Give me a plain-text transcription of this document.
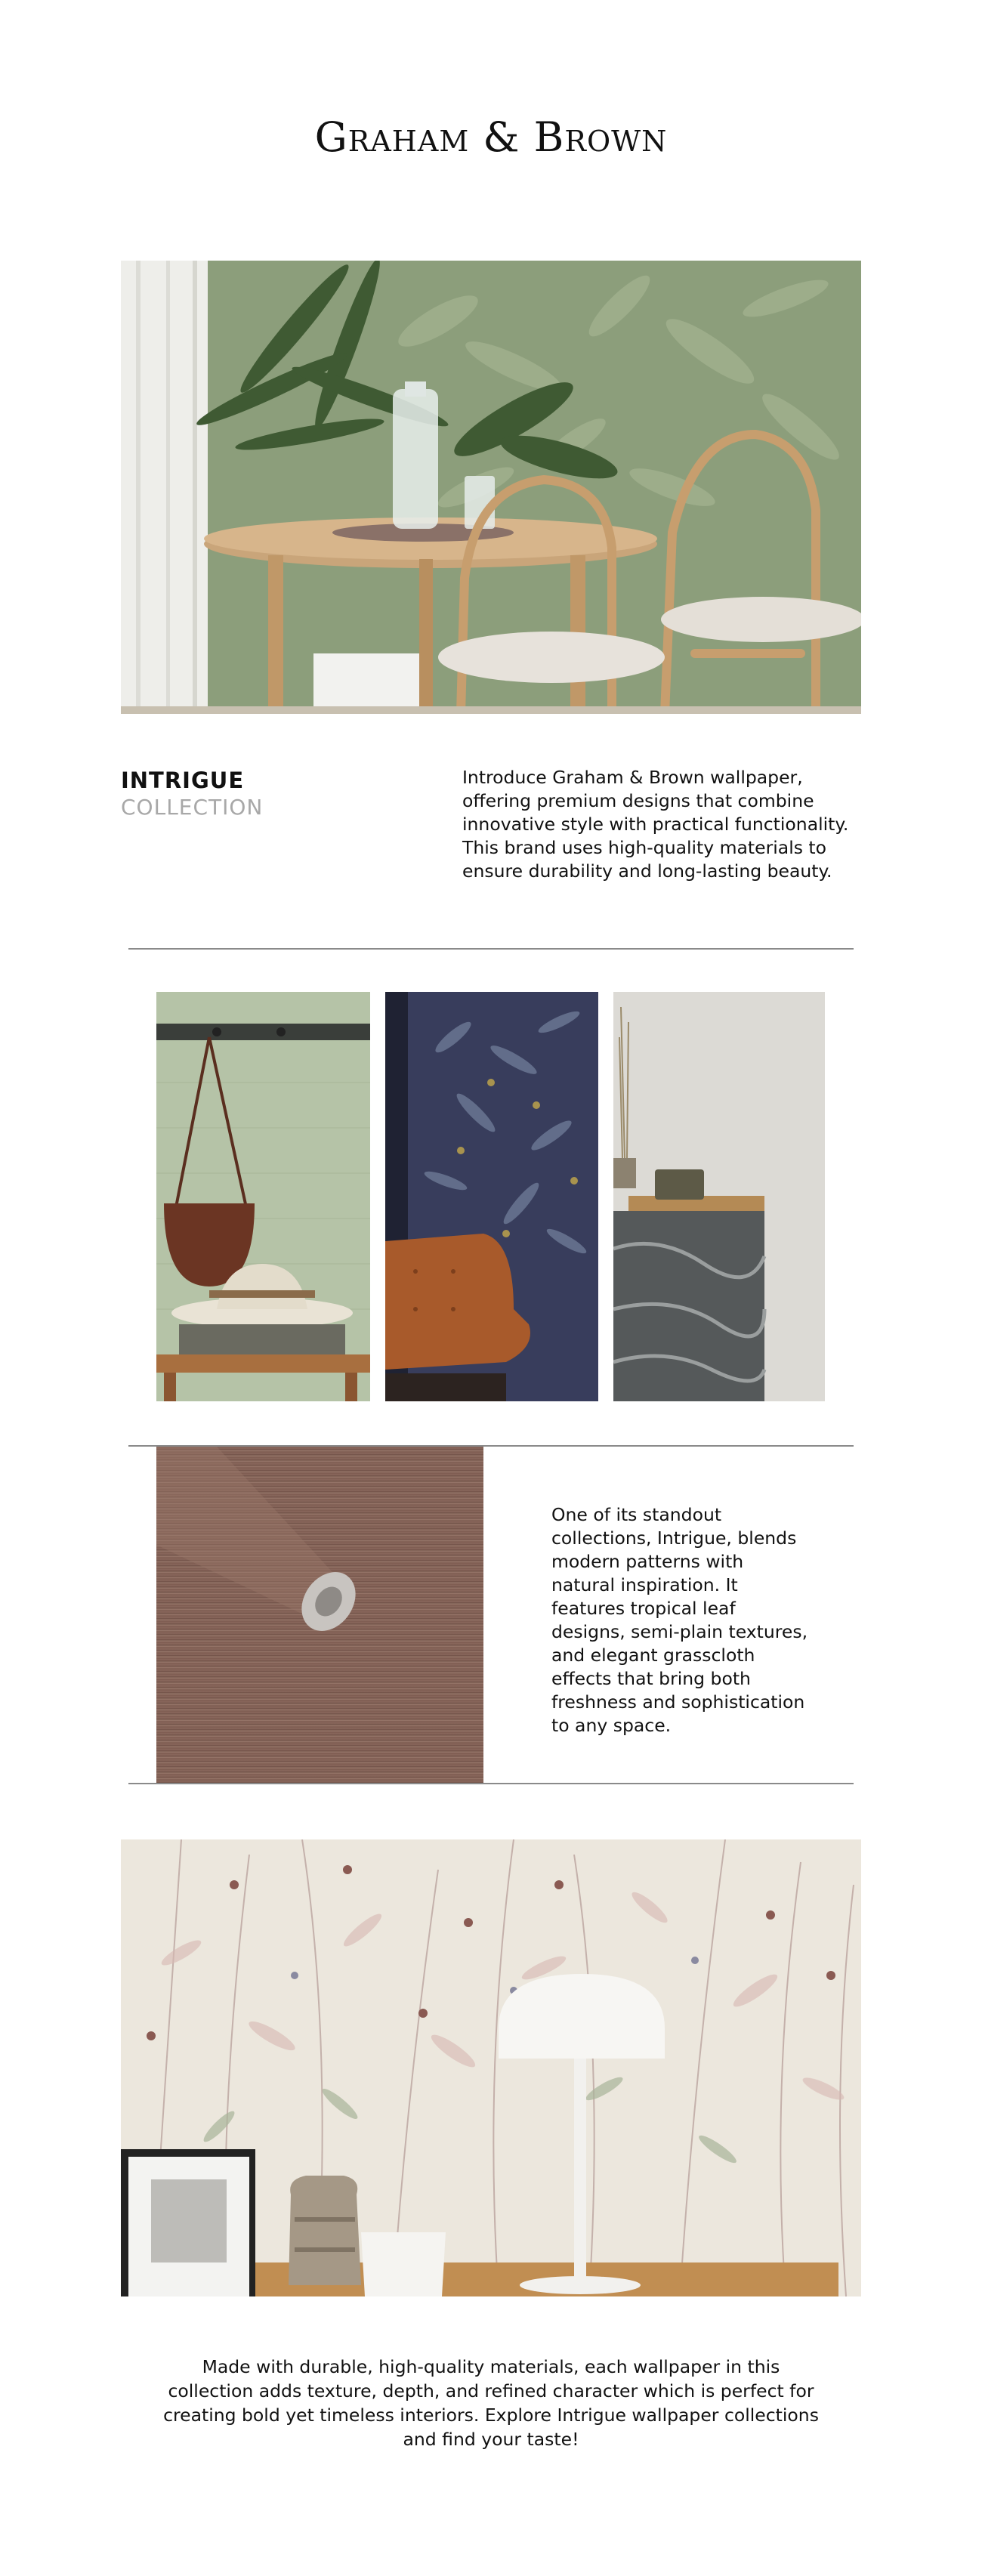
Graham & Brown
INTRIGUE
COLLECTION
Introduce Graham & Brown wallpaper, offering premium designs that combine innovative style with practical functionality. This brand uses high-quality materials to ensure durability and long-lasting beauty.
One of its standout collections, Intrigue, blends modern patterns with natural inspiration. It features tropical leaf designs, semi-plain textures, and elegant grasscloth effects that bring both freshness and sophistication to any space.
Made with durable, high-quality materials, each wallpaper in this collection adds texture, depth, and refined character which is perfect for creating bold yet timeless interiors. Explore Intrigue wallpaper collections and find your taste!
